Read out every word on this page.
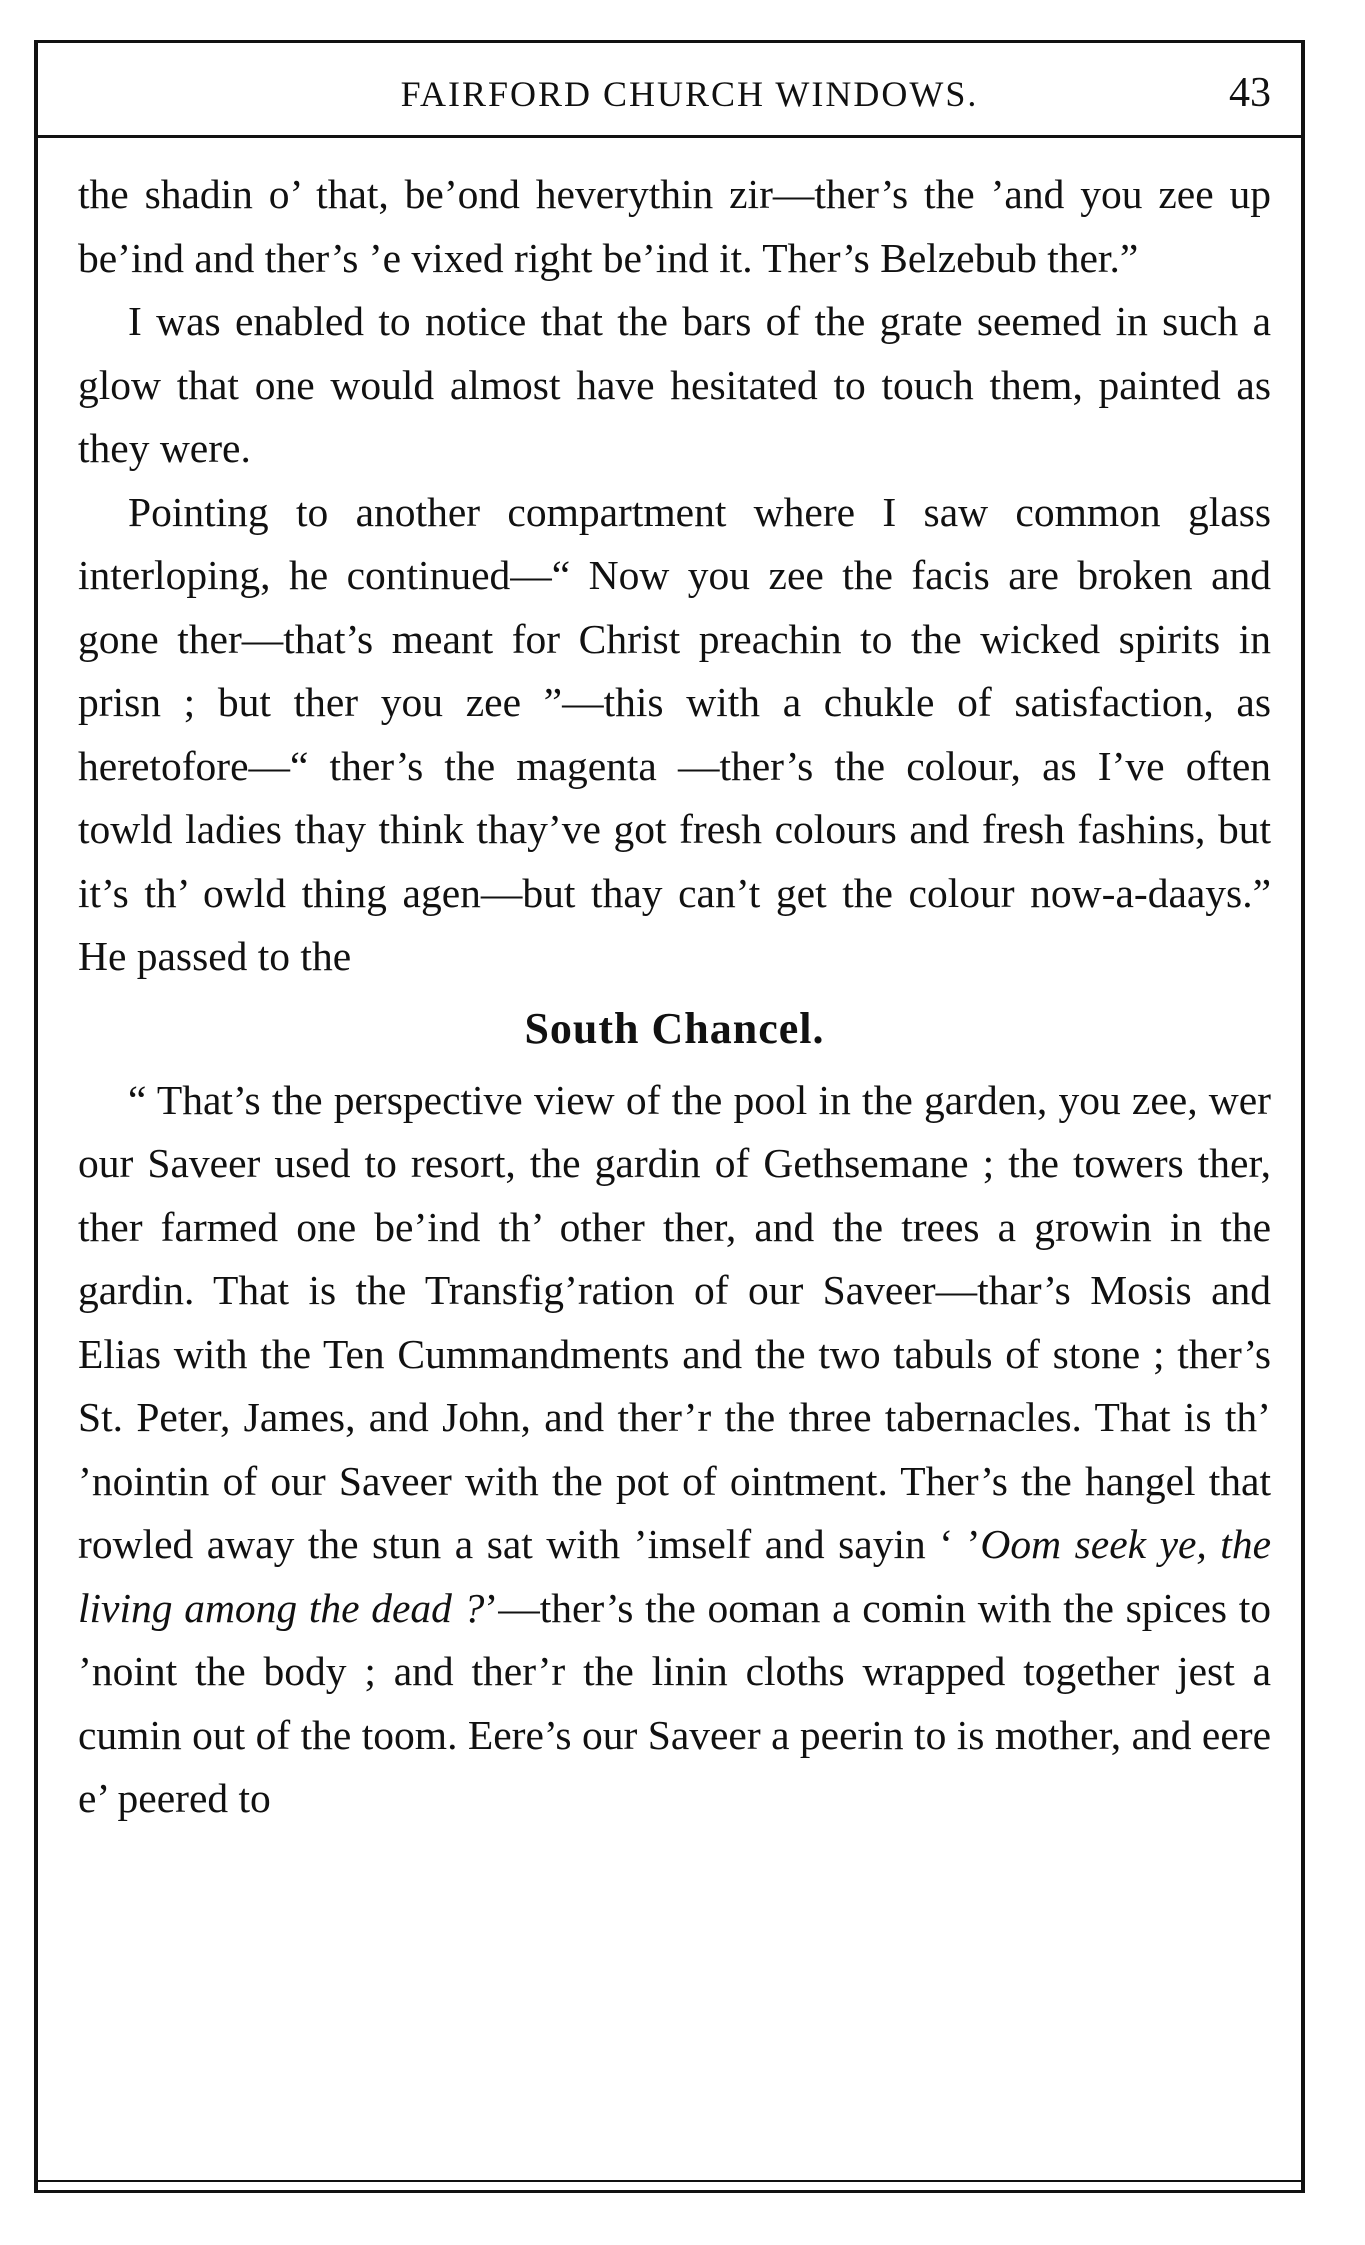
FAIRFORD CHURCH WINDOWS.	43

the shadin o’ that, be’ond heverythin zir—ther’s the ’and you zee up be’ind and ther’s ’e vixed right be’ind it. Ther’s Belzebub ther.”

I was enabled to notice that the bars of the grate seemed in such a glow that one would almost have hesitated to touch them, painted as they were.

Pointing to another compartment where I saw common glass interloping, he continued—“ Now you zee the facis are broken and gone ther—that’s meant for Christ preachin to the wicked spirits in prisn ; but ther you zee ”—this with a chukle of satisfaction, as heretofore—“ ther’s the magenta —ther’s the colour, as I’ve often towld ladies thay think thay’ve got fresh colours and fresh fashins, but it’s th’ owld thing agen—but thay can’t get the colour now-a-daays.” He passed to the

South Chancel.

“ That’s the perspective view of the pool in the garden, you zee, wer our Saveer used to resort, the gardin of Gethsemane ; the towers ther, ther farmed one be’ind th’ other ther, and the trees a growin in the gardin. That is the Transfig’ration of our Saveer—thar’s Mosis and Elias with the Ten Cummandments and the two tabuls of stone ; ther’s St. Peter, James, and John, and ther’r the three tabernacles. That is th’ ’nointin of our Saveer with the pot of ointment. Ther’s the hangel that rowled away the stun a sat with ’imself and sayin ‘ ’Oom seek ye, the living among the dead ?’—ther’s the ooman a comin with the spices to ’noint the body ; and ther’r the linin cloths wrapped together jest a cumin out of the toom. Eere’s our Saveer a peerin to is mother, and eere e’ peered to
